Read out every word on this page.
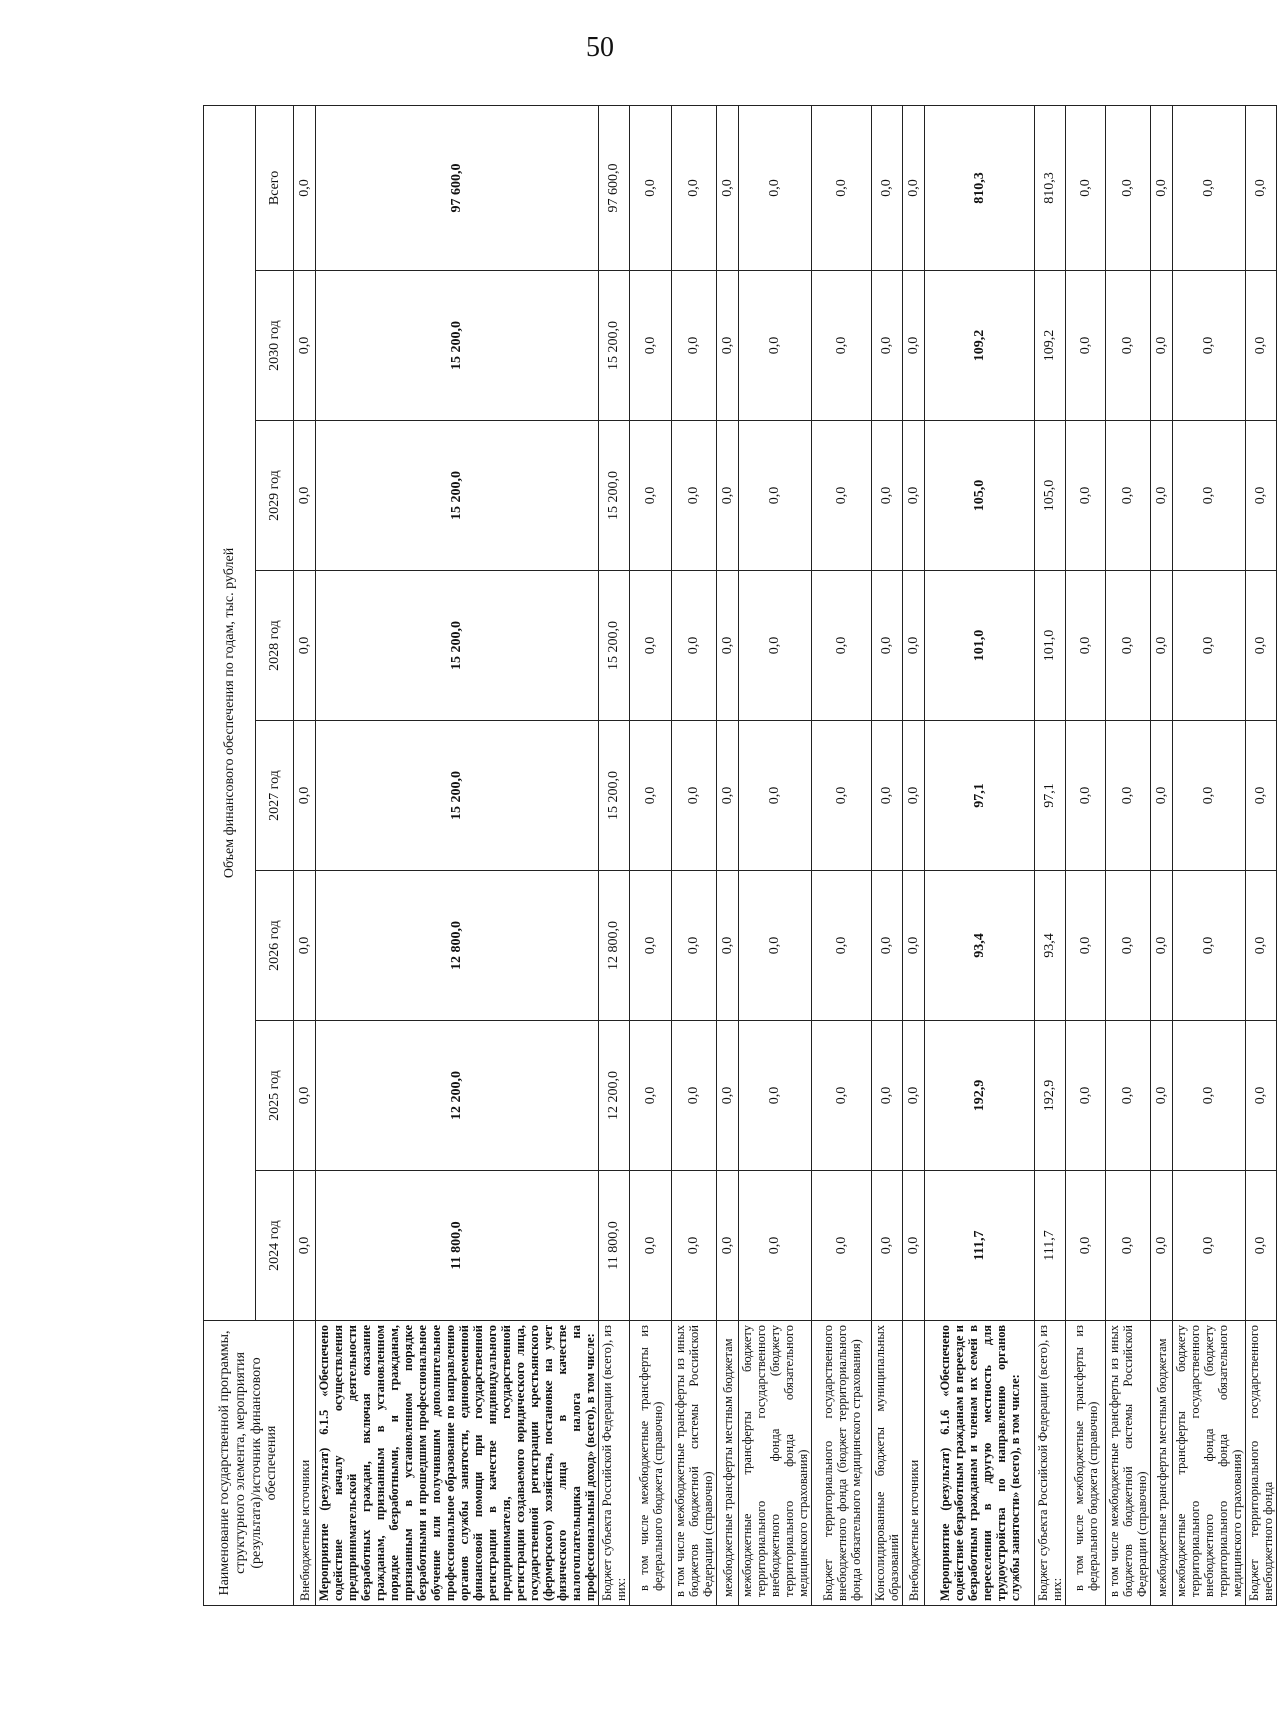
50
Наименование государственной программы, структурного элемента, мероприятия (результата)/источник финансового обеспечения	Объем финансового обеспечения по годам, тыс. рублей							
	2024 год	2025 год	2026 год	2027 год	2028 год	2029 год	2030 год	Всего
Внебюджетные источники	0,0	0,0	0,0	0,0	0,0	0,0	0,0	0,0
Мероприятие (результат) 6.1.5 «Обеспечено содействие началу осуществления предпринимательской деятельности безработных граждан, включая оказание гражданам, признанным в установленном порядке безработными, и гражданам, признанным в установленном порядке безработными и прошедшим профессиональное обучение или получившим дополнительное профессиональное образование по направлению органов службы занятости, единовременной финансовой помощи при государственной регистрации в качестве индивидуального предпринимателя, государственной регистрации создаваемого юридического лица, государственной регистрации крестьянского (фермерского) хозяйства, постановке на учет физического лица в качестве налогоплательщика налога на профессиональный доход» (всего), в том числе:	11 800,0	12 200,0	12 800,0	15 200,0	15 200,0	15 200,0	15 200,0	97 600,0
Бюджет субъекта Российской Федерации (всего), из них:	11 800,0	12 200,0	12 800,0	15 200,0	15 200,0	15 200,0	15 200,0	97 600,0
в том числе межбюджетные трансферты из федерального бюджета (справочно)	0,0	0,0	0,0	0,0	0,0	0,0	0,0	0,0
в том числе межбюджетные трансферты из иных бюджетов бюджетной системы Российской Федерации (справочно)	0,0	0,0	0,0	0,0	0,0	0,0	0,0	0,0
межбюджетные трансферты местным бюджетам	0,0	0,0	0,0	0,0	0,0	0,0	0,0	0,0
межбюджетные трансферты бюджету территориального государственного внебюджетного фонда (бюджету территориального фонда обязательного медицинского страхования)	0,0	0,0	0,0	0,0	0,0	0,0	0,0	0,0
Бюджет территориального государственного внебюджетного фонда (бюджет территориального фонда обязательного медицинского страхования)	0,0	0,0	0,0	0,0	0,0	0,0	0,0	0,0
Консолидированные бюджеты муниципальных образований	0,0	0,0	0,0	0,0	0,0	0,0	0,0	0,0
Внебюджетные источники	0,0	0,0	0,0	0,0	0,0	0,0	0,0	0,0
Мероприятие (результат) 6.1.6 «Обеспечено содействие безработным гражданам в переезде и безработным гражданам и членам их семей в переселении в другую местность для трудоустройства по направлению органов службы занятости» (всего), в том числе:	111,7	192,9	93,4	97,1	101,0	105,0	109,2	810,3
Бюджет субъекта Российской Федерации (всего), из них:	111,7	192,9	93,4	97,1	101,0	105,0	109,2	810,3
в том числе межбюджетные трансферты из федерального бюджета (справочно)	0,0	0,0	0,0	0,0	0,0	0,0	0,0	0,0
в том числе межбюджетные трансферты из иных бюджетов бюджетной системы Российской Федерации (справочно)	0,0	0,0	0,0	0,0	0,0	0,0	0,0	0,0
межбюджетные трансферты местным бюджетам	0,0	0,0	0,0	0,0	0,0	0,0	0,0	0,0
межбюджетные трансферты бюджету территориального государственного внебюджетного фонда (бюджету территориального фонда обязательного медицинского страхования)	0,0	0,0	0,0	0,0	0,0	0,0	0,0	0,0
Бюджет территориального государственного внебюджетного фонда	0,0	0,0	0,0	0,0	0,0	0,0	0,0	0,0
